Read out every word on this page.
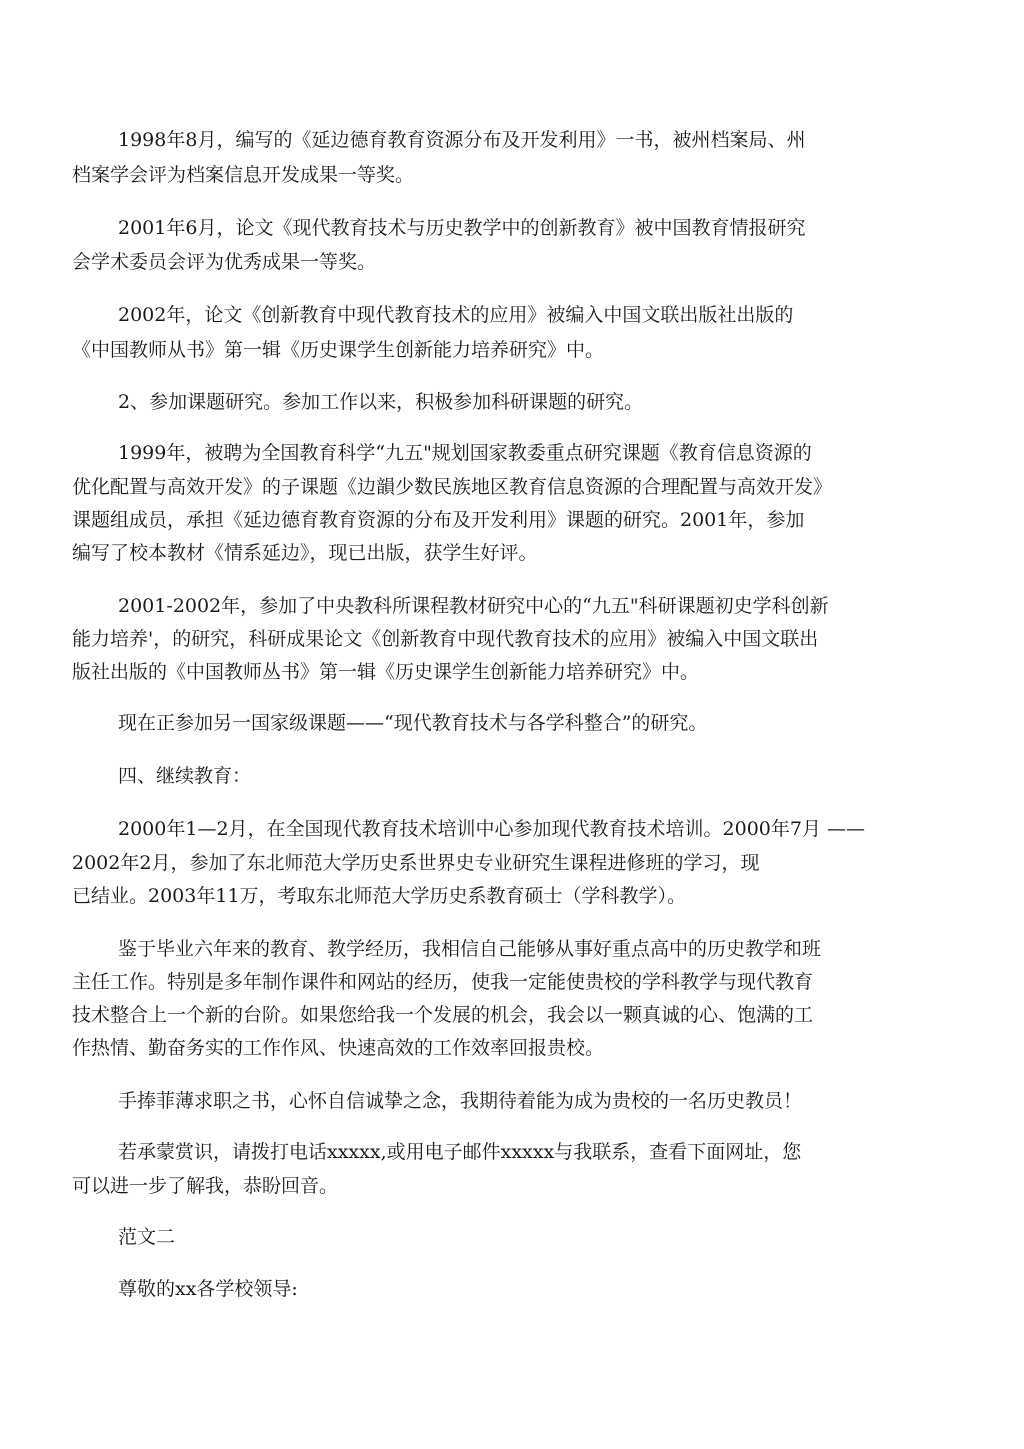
1998年8月，编写的《延边德育教育资源分布及开发利用》一书，被州档案局、州
档案学会评为档案信息开发成果一等奖。
2001年6月，论文《现代教育技术与历史教学中的创新教育》被中国教育情报研究
会学术委员会评为优秀成果一等奖。
2002年，论文《创新教育中现代教育技术的应用》被编入中国文联出版社出版的
《中国教师从书》第一辑《历史课学生创新能力培养研究》中。
2、参加课题研究。参加工作以来，积极参加科研课题的研究。
1999年，被聘为全国教育科学“九五"规划国家教委重点研究课题《教育信息资源的
优化配置与高效开发》的子课题《边韻少数民族地区教育信息资源的合理配置与高效开发》
课题组成员，承担《延边德育教育资源的分布及开发利用》课题的研究。2001年，参加
编写了校本教材《情系延边》，现已出版，获学生好评。
2001-2002年，参加了中央教科所课程教材研究中心的“九五"科研课题初史学科创新
能力培养'，的研究，科研成果论文《创新教育中现代教育技术的应用》被编入中国文联出
版社出版的《中国教师丛书》第一辑《历史课学生创新能力培养研究》中。
现在正参加另一国家级课题——“现代教育技术与各学科整合”的研究。
四、继续教育：
2000年1—2月，在全国现代教育技术培训中心参加现代教育技术培训。2000年7月 ——
2002年2月，参加了东北师范大学历史系世界史专业研究生课程进修班的学习，现
已结业。2003年11万，考取东北师范大学历史系教育硕士（学科教学）。
鉴于毕业六年来的教育、教学经历，我相信自己能够从事好重点高中的历史教学和班
主任工作。特别是多年制作课件和网站的经历，使我一定能使贵校的学科教学与现代教育
技术整合上一个新的台阶。如果您给我一个发展的机会，我会以一颗真诚的心、饱满的工
作热情、勤奋务实的工作作风、快速高效的工作效率回报贵校。
手捧菲薄求职之书，心怀自信诚挚之念，我期待着能为成为贵校的一名历史教员！
若承蒙赏识，请拨打电话xxxxx,或用电子邮件xxxxx与我联系，查看下面网址，您
可以进一步了解我，恭盼回音。
范文二
尊敬的xx各学校领导:
